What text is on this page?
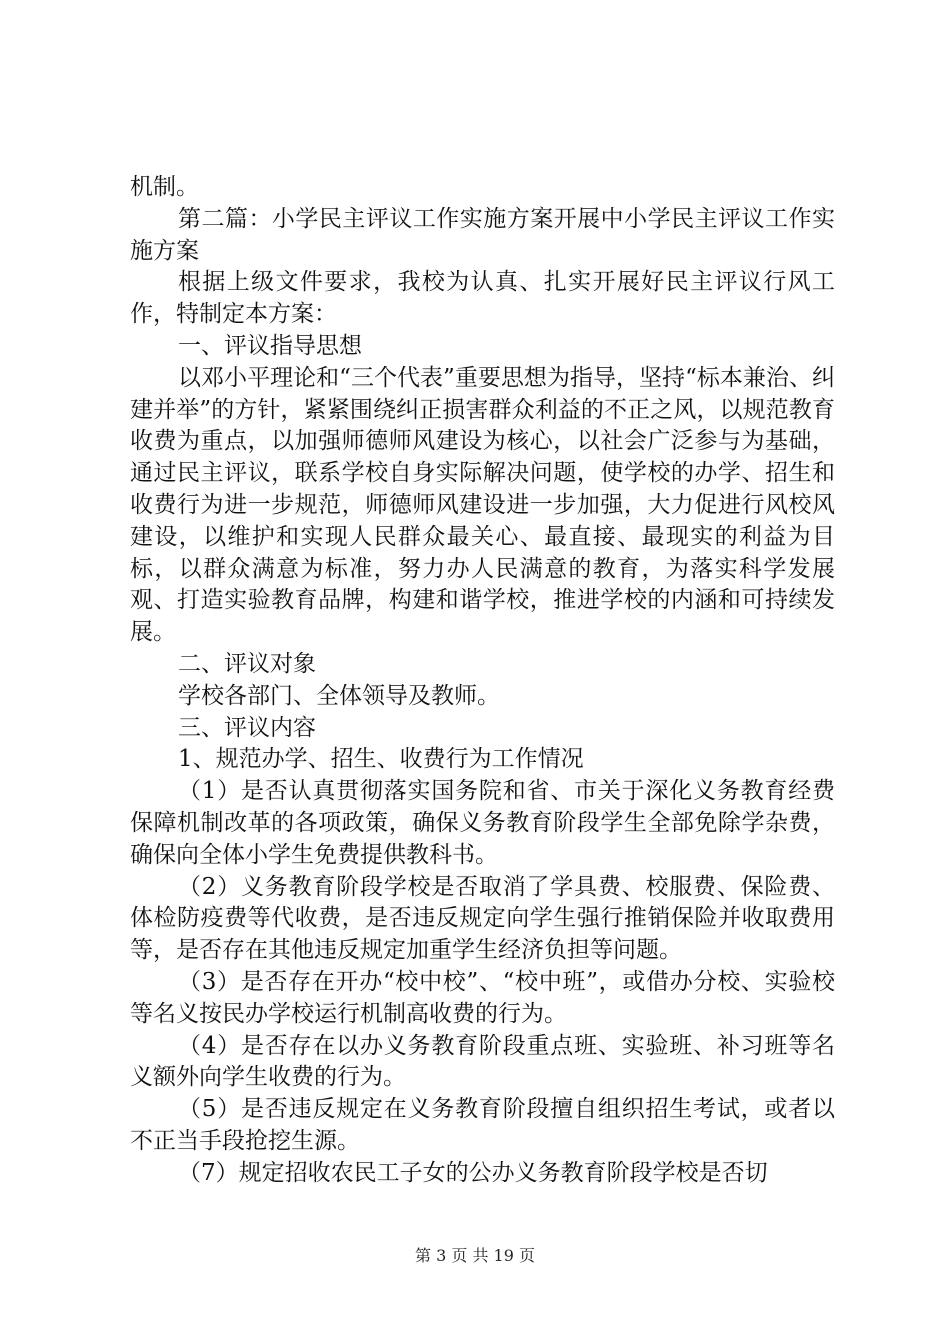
机制。

第二篇：小学民主评议工作实施方案开展中小学民主评议工作实施方案

根据上级文件要求，我校为认真、扎实开展好民主评议行风工作，特制定本方案：

一、评议指导思想

以邓小平理论和“三个代表”重要思想为指导，坚持“标本兼治、纠建并举”的方针，紧紧围绕纠正损害群众利益的不正之风，以规范教育收费为重点，以加强师德师风建设为核心，以社会广泛参与为基础，通过民主评议，联系学校自身实际解决问题，使学校的办学、招生和收费行为进一步规范，师德师风建设进一步加强，大力促进行风校风建设，以维护和实现人民群众最关心、最直接、最现实的利益为目标，以群众满意为标准，努力办人民满意的教育，为落实科学发展观、打造实验教育品牌，构建和谐学校，推进学校的内涵和可持续发展。

二、评议对象

学校各部门、全体领导及教师。

三、评议内容

1、规范办学、招生、收费行为工作情况

（1）是否认真贯彻落实国务院和省、市关于深化义务教育经费保障机制改革的各项政策，确保义务教育阶段学生全部免除学杂费，确保向全体小学生免费提供教科书。

（2）义务教育阶段学校是否取消了学具费、校服费、保险费、体检防疫费等代收费，是否违反规定向学生强行推销保险并收取费用等，是否存在其他违反规定加重学生经济负担等问题。

（3）是否存在开办“校中校”、“校中班”，或借办分校、实验校等名义按民办学校运行机制高收费的行为。

（4）是否存在以办义务教育阶段重点班、实验班、补习班等名义额外向学生收费的行为。

（5）是否违反规定在义务教育阶段擅自组织招生考试，或者以不正当手段抢挖生源。

（7）规定招收农民工子女的公办义务教育阶段学校是否切

第 3 页 共 19 页
